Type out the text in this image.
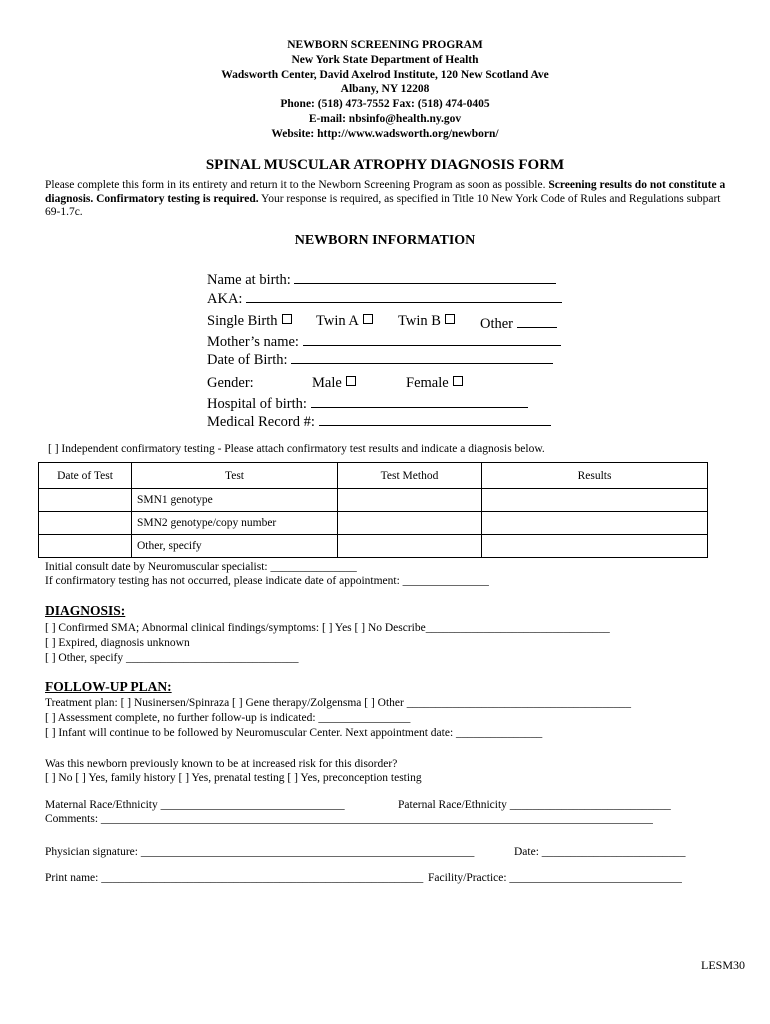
NEWBORN SCREENING PROGRAM
New York State Department of Health
Wadsworth Center, David Axelrod Institute, 120 New Scotland Ave
Albany, NY 12208
Phone: (518) 473-7552 Fax: (518) 474-0405
E-mail: nbsinfo@health.ny.gov
Website: http://www.wadsworth.org/newborn/
SPINAL MUSCULAR ATROPHY DIAGNOSIS FORM
Please complete this form in its entirety and return it to the Newborn Screening Program as soon as possible. Screening results do not constitute a diagnosis. Confirmatory testing is required. Your response is required, as specified in Title 10 New York Code of Rules and Regulations subpart 69-1.7c.
NEWBORN INFORMATION
Name at birth:
AKA:
Single Birth	Twin A	Twin B	Other
Mother’s name:
Date of Birth:
Gender:	Male	Female
Hospital of birth:
Medical Record #:
[ ] Independent confirmatory testing - Please attach confirmatory test results and indicate a diagnosis below.
Date of Test	Test	Test Method	Results
	SMN1 genotype		
	SMN2 genotype/copy number		
	Other, specify		
Initial consult date by Neuromuscular specialist: _______________
If confirmatory testing has not occurred, please indicate date of appointment: _______________
DIAGNOSIS:
[ ] Confirmed SMA; Abnormal clinical findings/symptoms: [ ] Yes [ ] No Describe________________________________
[ ] Expired, diagnosis unknown
[ ] Other, specify ______________________________
FOLLOW-UP PLAN:
Treatment plan: [ ] Nusinersen/Spinraza [ ] Gene therapy/Zolgensma [ ] Other _______________________________________
[ ] Assessment complete, no further follow-up is indicated: ________________
[ ] Infant will continue to be followed by Neuromuscular Center. Next appointment date: _______________
Was this newborn previously known to be at increased risk for this disorder?
[ ] No [ ] Yes, family history [ ] Yes, prenatal testing [ ] Yes, preconception testing
Maternal Race/Ethnicity ________________________________	Paternal Race/Ethnicity ____________________________
Comments: ________________________________________________________________________________________________
Physician signature: __________________________________________________________	Date: _________________________
Print name: ________________________________________________________ Facility/Practice: ______________________________
LESM30
